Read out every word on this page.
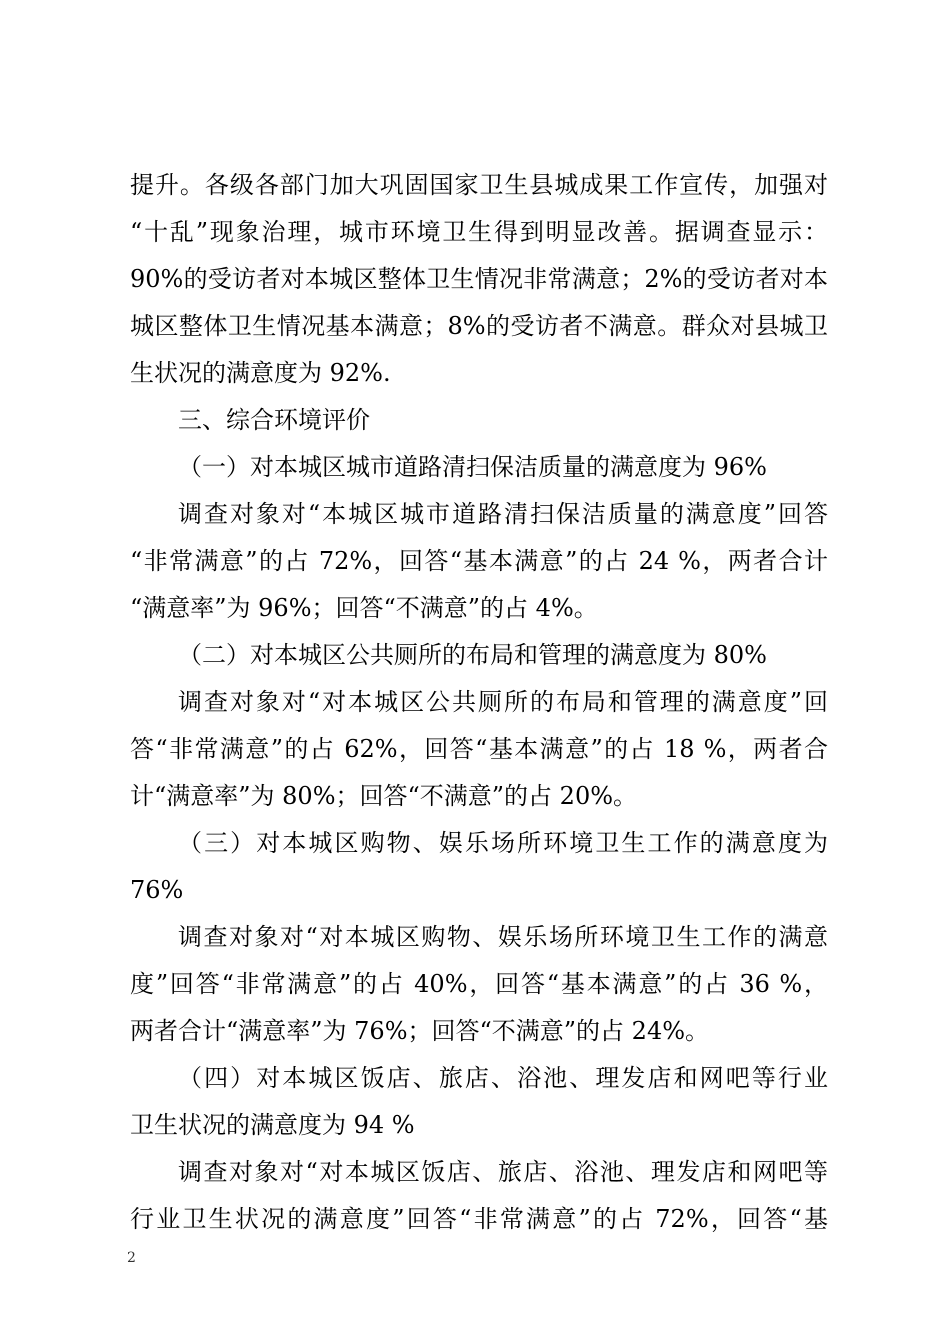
提升。各级各部门加大巩固国家卫生县城成果工作宣传，加强对
“十乱”现象治理，城市环境卫生得到明显改善。据调查显示：
90%的受访者对本城区整体卫生情况非常满意；2%的受访者对本
城区整体卫生情况基本满意；8%的受访者不满意。群众对县城卫
生状况的满意度为 92%.
三、综合环境评价
（一）对本城区城市道路清扫保洁质量的满意度为 96%
调查对象对“本城区城市道路清扫保洁质量的满意度”回答
“非常满意”的占 72%，回答“基本满意”的占 24 %，两者合计
“满意率”为 96%；回答“不满意”的占 4%。
（二）对本城区公共厕所的布局和管理的满意度为 80%
调查对象对“对本城区公共厕所的布局和管理的满意度”回
答“非常满意”的占 62%，回答“基本满意”的占 18 %，两者合
计“满意率”为 80%；回答“不满意”的占 20%。
（三）对本城区购物、娱乐场所环境卫生工作的满意度为
76%
调查对象对“对本城区购物、娱乐场所环境卫生工作的满意
度”回答“非常满意”的占 40%，回答“基本满意”的占 36 %，
两者合计“满意率”为 76%；回答“不满意”的占 24%。
（四）对本城区饭店、旅店、浴池、理发店和网吧等行业
卫生状况的满意度为 94 %
调查对象对“对本城区饭店、旅店、浴池、理发店和网吧等
行业卫生状况的满意度”回答“非常满意”的占 72%，回答“基
2
